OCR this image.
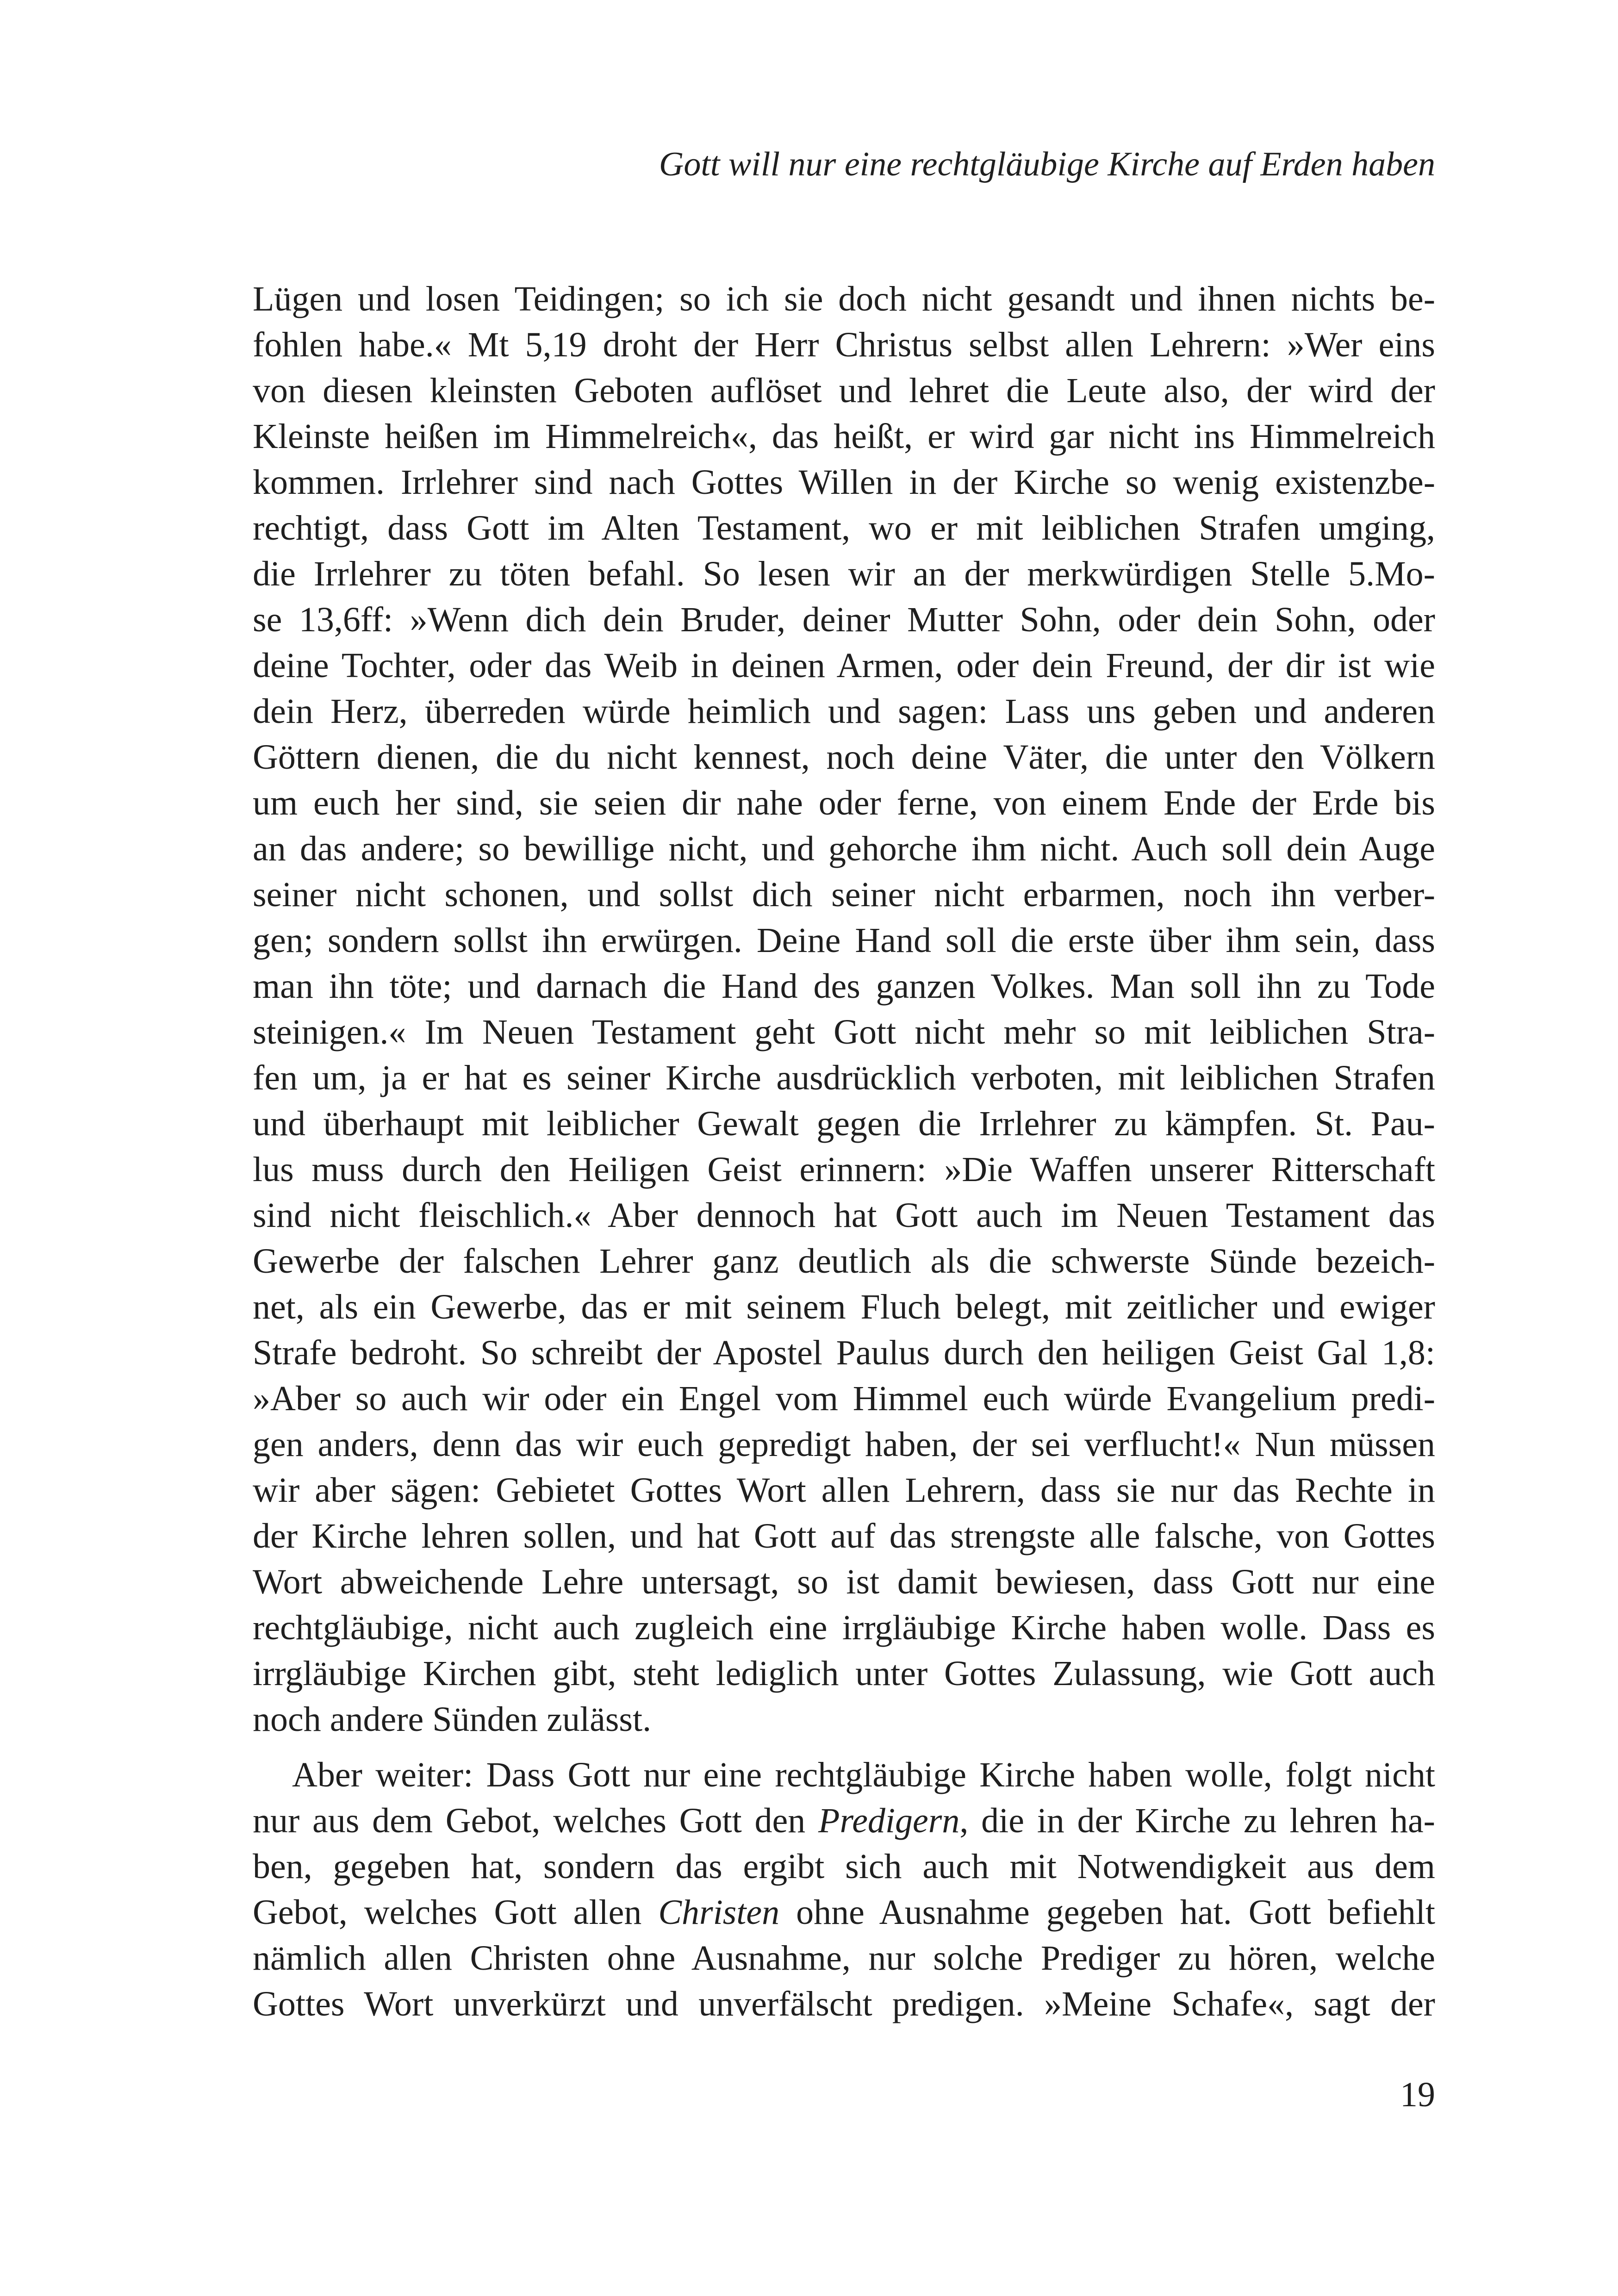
Gott will nur eine rechtgläubige Kirche auf Erden haben
Lügen und losen Teidingen; so ich sie doch nicht gesandt und ihnen nichts be-
fohlen habe.« Mt 5,19 droht der Herr Christus selbst allen Lehrern: »Wer eins
von diesen kleinsten Geboten auflöset und lehret die Leute also, der wird der
Kleinste heißen im Himmelreich«, das heißt, er wird gar nicht ins Himmelreich
kommen. Irrlehrer sind nach Gottes Willen in der Kirche so wenig existenzbe-
rechtigt, dass Gott im Alten Testament, wo er mit leiblichen Strafen umging,
die Irrlehrer zu töten befahl. So lesen wir an der merkwürdigen Stelle 5.Mo-
se 13,6ff: »Wenn dich dein Bruder, deiner Mutter Sohn, oder dein Sohn, oder
deine Tochter, oder das Weib in deinen Armen, oder dein Freund, der dir ist wie
dein Herz, überreden würde heimlich und sagen: Lass uns geben und anderen
Göttern dienen, die du nicht kennest, noch deine Väter, die unter den Völkern
um euch her sind, sie seien dir nahe oder ferne, von einem Ende der Erde bis
an das andere; so bewillige nicht, und gehorche ihm nicht. Auch soll dein Auge
seiner nicht schonen, und sollst dich seiner nicht erbarmen, noch ihn verber-
gen; sondern sollst ihn erwürgen. Deine Hand soll die erste über ihm sein, dass
man ihn töte; und darnach die Hand des ganzen Volkes. Man soll ihn zu Tode
steinigen.« Im Neuen Testament geht Gott nicht mehr so mit leiblichen Stra-
fen um, ja er hat es seiner Kirche ausdrücklich verboten, mit leiblichen Strafen
und überhaupt mit leiblicher Gewalt gegen die Irrlehrer zu kämpfen. St. Pau-
lus muss durch den Heiligen Geist erinnern: »Die Waffen unserer Ritterschaft
sind nicht fleischlich.« Aber dennoch hat Gott auch im Neuen Testament das
Gewerbe der falschen Lehrer ganz deutlich als die schwerste Sünde bezeich-
net, als ein Gewerbe, das er mit seinem Fluch belegt, mit zeitlicher und ewiger
Strafe bedroht. So schreibt der Apostel Paulus durch den heiligen Geist Gal 1,8:
»Aber so auch wir oder ein Engel vom Himmel euch würde Evangelium predi-
gen anders, denn das wir euch gepredigt haben, der sei verflucht!« Nun müssen
wir aber sägen: Gebietet Gottes Wort allen Lehrern, dass sie nur das Rechte in
der Kirche lehren sollen, und hat Gott auf das strengste alle falsche, von Gottes
Wort abweichende Lehre untersagt, so ist damit bewiesen, dass Gott nur eine
rechtgläubige, nicht auch zugleich eine irrgläubige Kirche haben wolle. Dass es
irrgläubige Kirchen gibt, steht lediglich unter Gottes Zulassung, wie Gott auch
noch andere Sünden zulässt.
Aber weiter: Dass Gott nur eine rechtgläubige Kirche haben wolle, folgt nicht
nur aus dem Gebot, welches Gott den Predigern, die in der Kirche zu lehren ha-
ben, gegeben hat, sondern das ergibt sich auch mit Notwendigkeit aus dem
Gebot, welches Gott allen Christen ohne Ausnahme gegeben hat. Gott befiehlt
nämlich allen Christen ohne Ausnahme, nur solche Prediger zu hören, welche
Gottes Wort unverkürzt und unverfälscht predigen. »Meine Schafe«, sagt der
19
